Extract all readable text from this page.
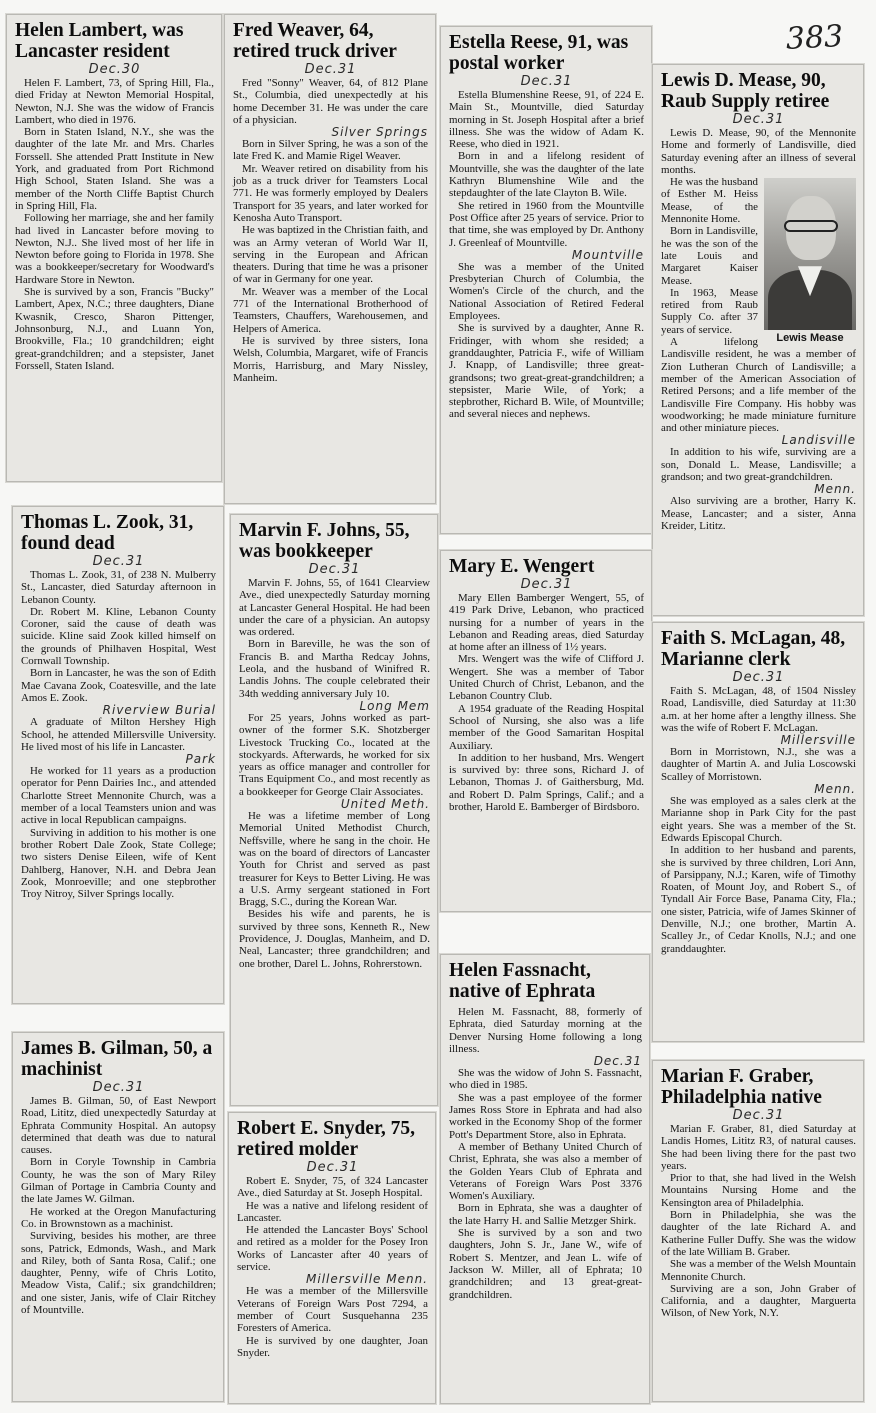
383
Helen Lambert, was Lancaster resident
Dec.30

Helen F. Lambert, 73, of Spring Hill, Fla., died Friday at Newton Memorial Hospital, Newton, N.J. She was the widow of Francis Lambert, who died in 1976.

Born in Staten Island, N.Y., she was the daughter of the late Mr. and Mrs. Charles Forssell. She attended Pratt Institute in New York, and graduated from Port Richmond High School, Staten Island. She was a member of the North Cliffe Baptist Church in Spring Hill, Fla.

Following her marriage, she and her family had lived in Lancaster before moving to Newton, N.J.. She lived most of her life in Newton before going to Florida in 1978. She was a bookkeeper/secretary for Woodward's Hardware Store in Newton.

She is survived by a son, Francis "Bucky" Lambert, Apex, N.C.; three daughters, Diane Kwasnik, Cresco, Sharon Pittenger, Johnsonburg, N.J., and Luann Yon, Brookville, Fla.; 10 grandchildren; eight great-grandchildren; and a stepsister, Janet Forssell, Staten Island.

Fred Weaver, 64, retired truck driver
Dec.31

Fred "Sonny" Weaver, 64, of 812 Plane St., Columbia, died unexpectedly at his home December 31. He was under the care of a physician.

Silver Springs

Born in Silver Spring, he was a son of the late Fred K. and Mamie Rigel Weaver.

Mr. Weaver retired on disability from his job as a truck driver for Teamsters Local 771. He was formerly employed by Dealers Transport for 35 years, and later worked for Kenosha Auto Transport.

He was baptized in the Christian faith, and was an Army veteran of World War II, serving in the European and African theaters. During that time he was a prisoner of war in Germany for one year.

Mr. Weaver was a member of the Local 771 of the International Brotherhood of Teamsters, Chauffers, Warehousemen, and Helpers of America.

He is survived by three sisters, Iona Welsh, Columbia, Margaret, wife of Francis Morris, Harrisburg, and Mary Nissley, Manheim.

Estella Reese, 91, was postal worker
Dec.31

Estella Blumenshine Reese, 91, of 224 E. Main St., Mountville, died Saturday morning in St. Joseph Hospital after a brief illness. She was the widow of Adam K. Reese, who died in 1921.

Born in and a lifelong resident of Mountville, she was the daughter of the late Kathryn Blumenshine Wile and the stepdaughter of the late Clayton B. Wile.

She retired in 1960 from the Mountville Post Office after 25 years of service. Prior to that time, she was employed by Dr. Anthony J. Greenleaf of Mountville.

Mountville

She was a member of the United Presbyterian Church of Columbia, the Women's Circle of the church, and the National Association of Retired Federal Employees.

She is survived by a daughter, Anne R. Fridinger, with whom she resided; a granddaughter, Patricia F., wife of William J. Knapp, of Landisville; three great-grandsons; two great-great-grandchildren; a stepsister, Marie Wile, of York; a stepbrother, Richard B. Wile, of Mountville; and several nieces and nephews.

Lewis D. Mease, 90, Raub Supply retiree
Dec.31

Lewis D. Mease, 90, of the Mennonite Home and formerly of Landisville, died Saturday evening after an illness of several months.

Lewis Mease

He was the husband of Esther M. Heiss Mease, of the Mennonite Home.

Born in Landisville, he was the son of the late Louis and Margaret Kaiser Mease.

In 1963, Mease retired from Raub Supply Co. after 37 years of service.

A lifelong Landisville resident, he was a member of Zion Lutheran Church of Landisville; a member of the American Association of Retired Persons; and a life member of the Landisville Fire Company. His hobby was woodworking; he made miniature furniture and other miniature pieces.

Landisville

In addition to his wife, surviving are a son, Donald L. Mease, Landisville; a grandson; and two great-grandchildren.

Menn.

Also surviving are a brother, Harry K. Mease, Lancaster; and a sister, Anna Kreider, Lititz.

Thomas L. Zook, 31, found dead
Dec.31

Thomas L. Zook, 31, of 238 N. Mulberry St., Lancaster, died Saturday afternoon in Lebanon County.

Dr. Robert M. Kline, Lebanon County Coroner, said the cause of death was suicide. Kline said Zook killed himself on the grounds of Philhaven Hospital, West Cornwall Township.

Born in Lancaster, he was the son of Edith Mae Cavana Zook, Coatesville, and the late Amos E. Zook.

Riverview Burial

A graduate of Milton Hershey High School, he attended Millersville University. He lived most of his life in Lancaster.

Park

He worked for 11 years as a production operator for Penn Dairies Inc., and attended Charlotte Street Mennonite Church, was a member of a local Teamsters union and was active in local Republican campaigns.

Surviving in addition to his mother is one brother Robert Dale Zook, State College; two sisters Denise Eileen, wife of Kent Dahlberg, Hanover, N.H. and Debra Jean Zook, Monroeville; and one stepbrother Troy Nitroy, Silver Springs locally.

Marvin F. Johns, 55, was bookkeeper
Dec.31

Marvin F. Johns, 55, of 1641 Clearview Ave., died unexpectedly Saturday morning at Lancaster General Hospital. He had been under the care of a physician. An autopsy was ordered.

Born in Bareville, he was the son of Francis B. and Martha Redcay Johns, Leola, and the husband of Winifred R. Landis Johns. The couple celebrated their 34th wedding anniversary July 10.

Long Mem

For 25 years, Johns worked as part-owner of the former S.K. Shotzberger Livestock Trucking Co., located at the stockyards. Afterwards, he worked for six years as office manager and controller for Trans Equipment Co., and most recently as a bookkeeper for George Clair Associates.

United Meth.

He was a lifetime member of Long Memorial United Methodist Church, Neffsville, where he sang in the choir. He was on the board of directors of Lancaster Youth for Christ and served as past treasurer for Keys to Better Living. He was a U.S. Army sergeant stationed in Fort Bragg, S.C., during the Korean War.

Besides his wife and parents, he is survived by three sons, Kenneth R., New Providence, J. Douglas, Manheim, and D. Neal, Lancaster; three grandchildren; and one brother, Darel L. Johns, Rohrerstown.

Mary E. Wengert
Dec.31

Mary Ellen Bamberger Wengert, 55, of 419 Park Drive, Lebanon, who practiced nursing for a number of years in the Lebanon and Reading areas, died Saturday at home after an illness of 1½ years.

Mrs. Wengert was the wife of Clifford J. Wengert. She was a member of Tabor United Church of Christ, Lebanon, and the Lebanon Country Club.

A 1954 graduate of the Reading Hospital School of Nursing, she also was a life member of the Good Samaritan Hospital Auxiliary.

In addition to her husband, Mrs. Wengert is survived by: three sons, Richard J. of Lebanon, Thomas J. of Gaithersburg, Md. and Robert D. Palm Springs, Calif.; and a brother, Harold E. Bamberger of Birdsboro.

Faith S. McLagan, 48, Marianne clerk
Dec.31

Faith S. McLagan, 48, of 1504 Nissley Road, Landisville, died Saturday at 11:30 a.m. at her home after a lengthy illness. She was the wife of Robert F. McLagan.

Millersville

Born in Morristown, N.J., she was a daughter of Martin A. and Julia Loscowski Scalley of Morristown.

Menn.

She was employed as a sales clerk at the Marianne shop in Park City for the past eight years. She was a member of the St. Edwards Episcopal Church.

In addition to her husband and parents, she is survived by three children, Lori Ann, of Parsippany, N.J.; Karen, wife of Timothy Roaten, of Mount Joy, and Robert S., of Tyndall Air Force Base, Panama City, Fla.; one sister, Patricia, wife of James Skinner of Denville, N.J.; one brother, Martin A. Scalley Jr., of Cedar Knolls, N.J.; and one granddaughter.

Helen Fassnacht, native of Ephrata

Helen M. Fassnacht, 88, formerly of Ephrata, died Saturday morning at the Denver Nursing Home following a long illness.

Dec.31

She was the widow of John S. Fassnacht, who died in 1985.

She was a past employee of the former James Ross Store in Ephrata and had also worked in the Economy Shop of the former Pott's Department Store, also in Ephrata.

A member of Bethany United Church of Christ, Ephrata, she was also a member of the Golden Years Club of Ephrata and Veterans of Foreign Wars Post 3376 Women's Auxiliary.

Born in Ephrata, she was a daughter of the late Harry H. and Sallie Metzger Shirk.

She is survived by a son and two daughters, John S. Jr., Jane W., wife of Robert S. Mentzer, and Jean L. wife of Jackson W. Miller, all of Ephrata; 10 grandchildren; and 13 great-great-grandchildren.

James B. Gilman, 50, a machinist
Dec.31

James B. Gilman, 50, of East Newport Road, Lititz, died unexpectedly Saturday at Ephrata Community Hospital. An autopsy determined that death was due to natural causes.

Born in Coryle Township in Cambria County, he was the son of Mary Riley Gilman of Portage in Cambria County and the late James W. Gilman.

He worked at the Oregon Manufacturing Co. in Brownstown as a machinist.

Surviving, besides his mother, are three sons, Patrick, Edmonds, Wash., and Mark and Riley, both of Santa Rosa, Calif.; one daughter, Penny, wife of Chris Lotito, Meadow Vista, Calif.; six grandchildren; and one sister, Janis, wife of Clair Ritchey of Mountville.

Robert E. Snyder, 75, retired molder
Dec.31

Robert E. Snyder, 75, of 324 Lancaster Ave., died Saturday at St. Joseph Hospital.

He was a native and lifelong resident of Lancaster.

He attended the Lancaster Boys' School and retired as a molder for the Posey Iron Works of Lancaster after 40 years of service.

Millersville Menn.

He was a member of the Millersville Veterans of Foreign Wars Post 7294, a member of Court Susquehanna 235 Foresters of America.

He is survived by one daughter, Joan Snyder.

Marian F. Graber, Philadelphia native
Dec.31

Marian F. Graber, 81, died Saturday at Landis Homes, Lititz R3, of natural causes. She had been living there for the past two years.

Prior to that, she had lived in the Welsh Mountains Nursing Home and the Kensington area of Philadelphia.

Born in Philadelphia, she was the daughter of the late Richard A. and Katherine Fuller Duffy. She was the widow of the late William B. Graber.

She was a member of the Welsh Mountain Mennonite Church.

Surviving are a son, John Graber of California, and a daughter, Marguerta Wilson, of New York, N.Y.
